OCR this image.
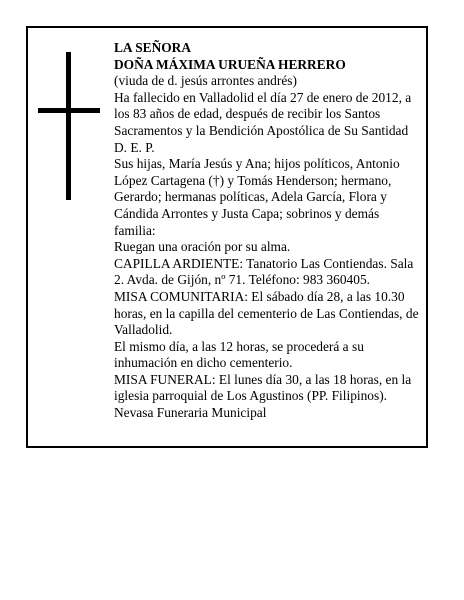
LA SEÑORA

DOÑA MÁXIMA URUEÑA HERRERO

(viuda de d. jesús arrontes andrés)

Ha fallecido en Valladolid el día 27 de enero de 2012, a los 83 años de edad, después de recibir los Santos Sacramentos y la Bendición Apostólica de Su Santidad D. E. P.

Sus hijas, María Jesús y Ana; hijos políticos, Antonio López Cartagena (†) y Tomás Henderson; hermano, Gerardo; hermanas políticas, Adela García, Flora y Cándida Arrontes y Justa Capa; sobrinos y demás familia:

Ruegan una oración por su alma.

CAPILLA ARDIENTE: Tanatorio Las Contiendas. Sala 2. Avda. de Gijón, nº 71. Teléfono: 983 360405.

MISA COMUNITARIA: El sábado día 28, a las 10.30 horas, en la capilla del cementerio de Las Contiendas, de Valladolid.

El mismo día, a las 12 horas, se procederá a su inhumación en dicho cementerio.

MISA FUNERAL: El lunes día 30, a las 18 horas, en la iglesia parroquial de Los Agustinos (PP. Filipinos).

Nevasa Funeraria Municipal
